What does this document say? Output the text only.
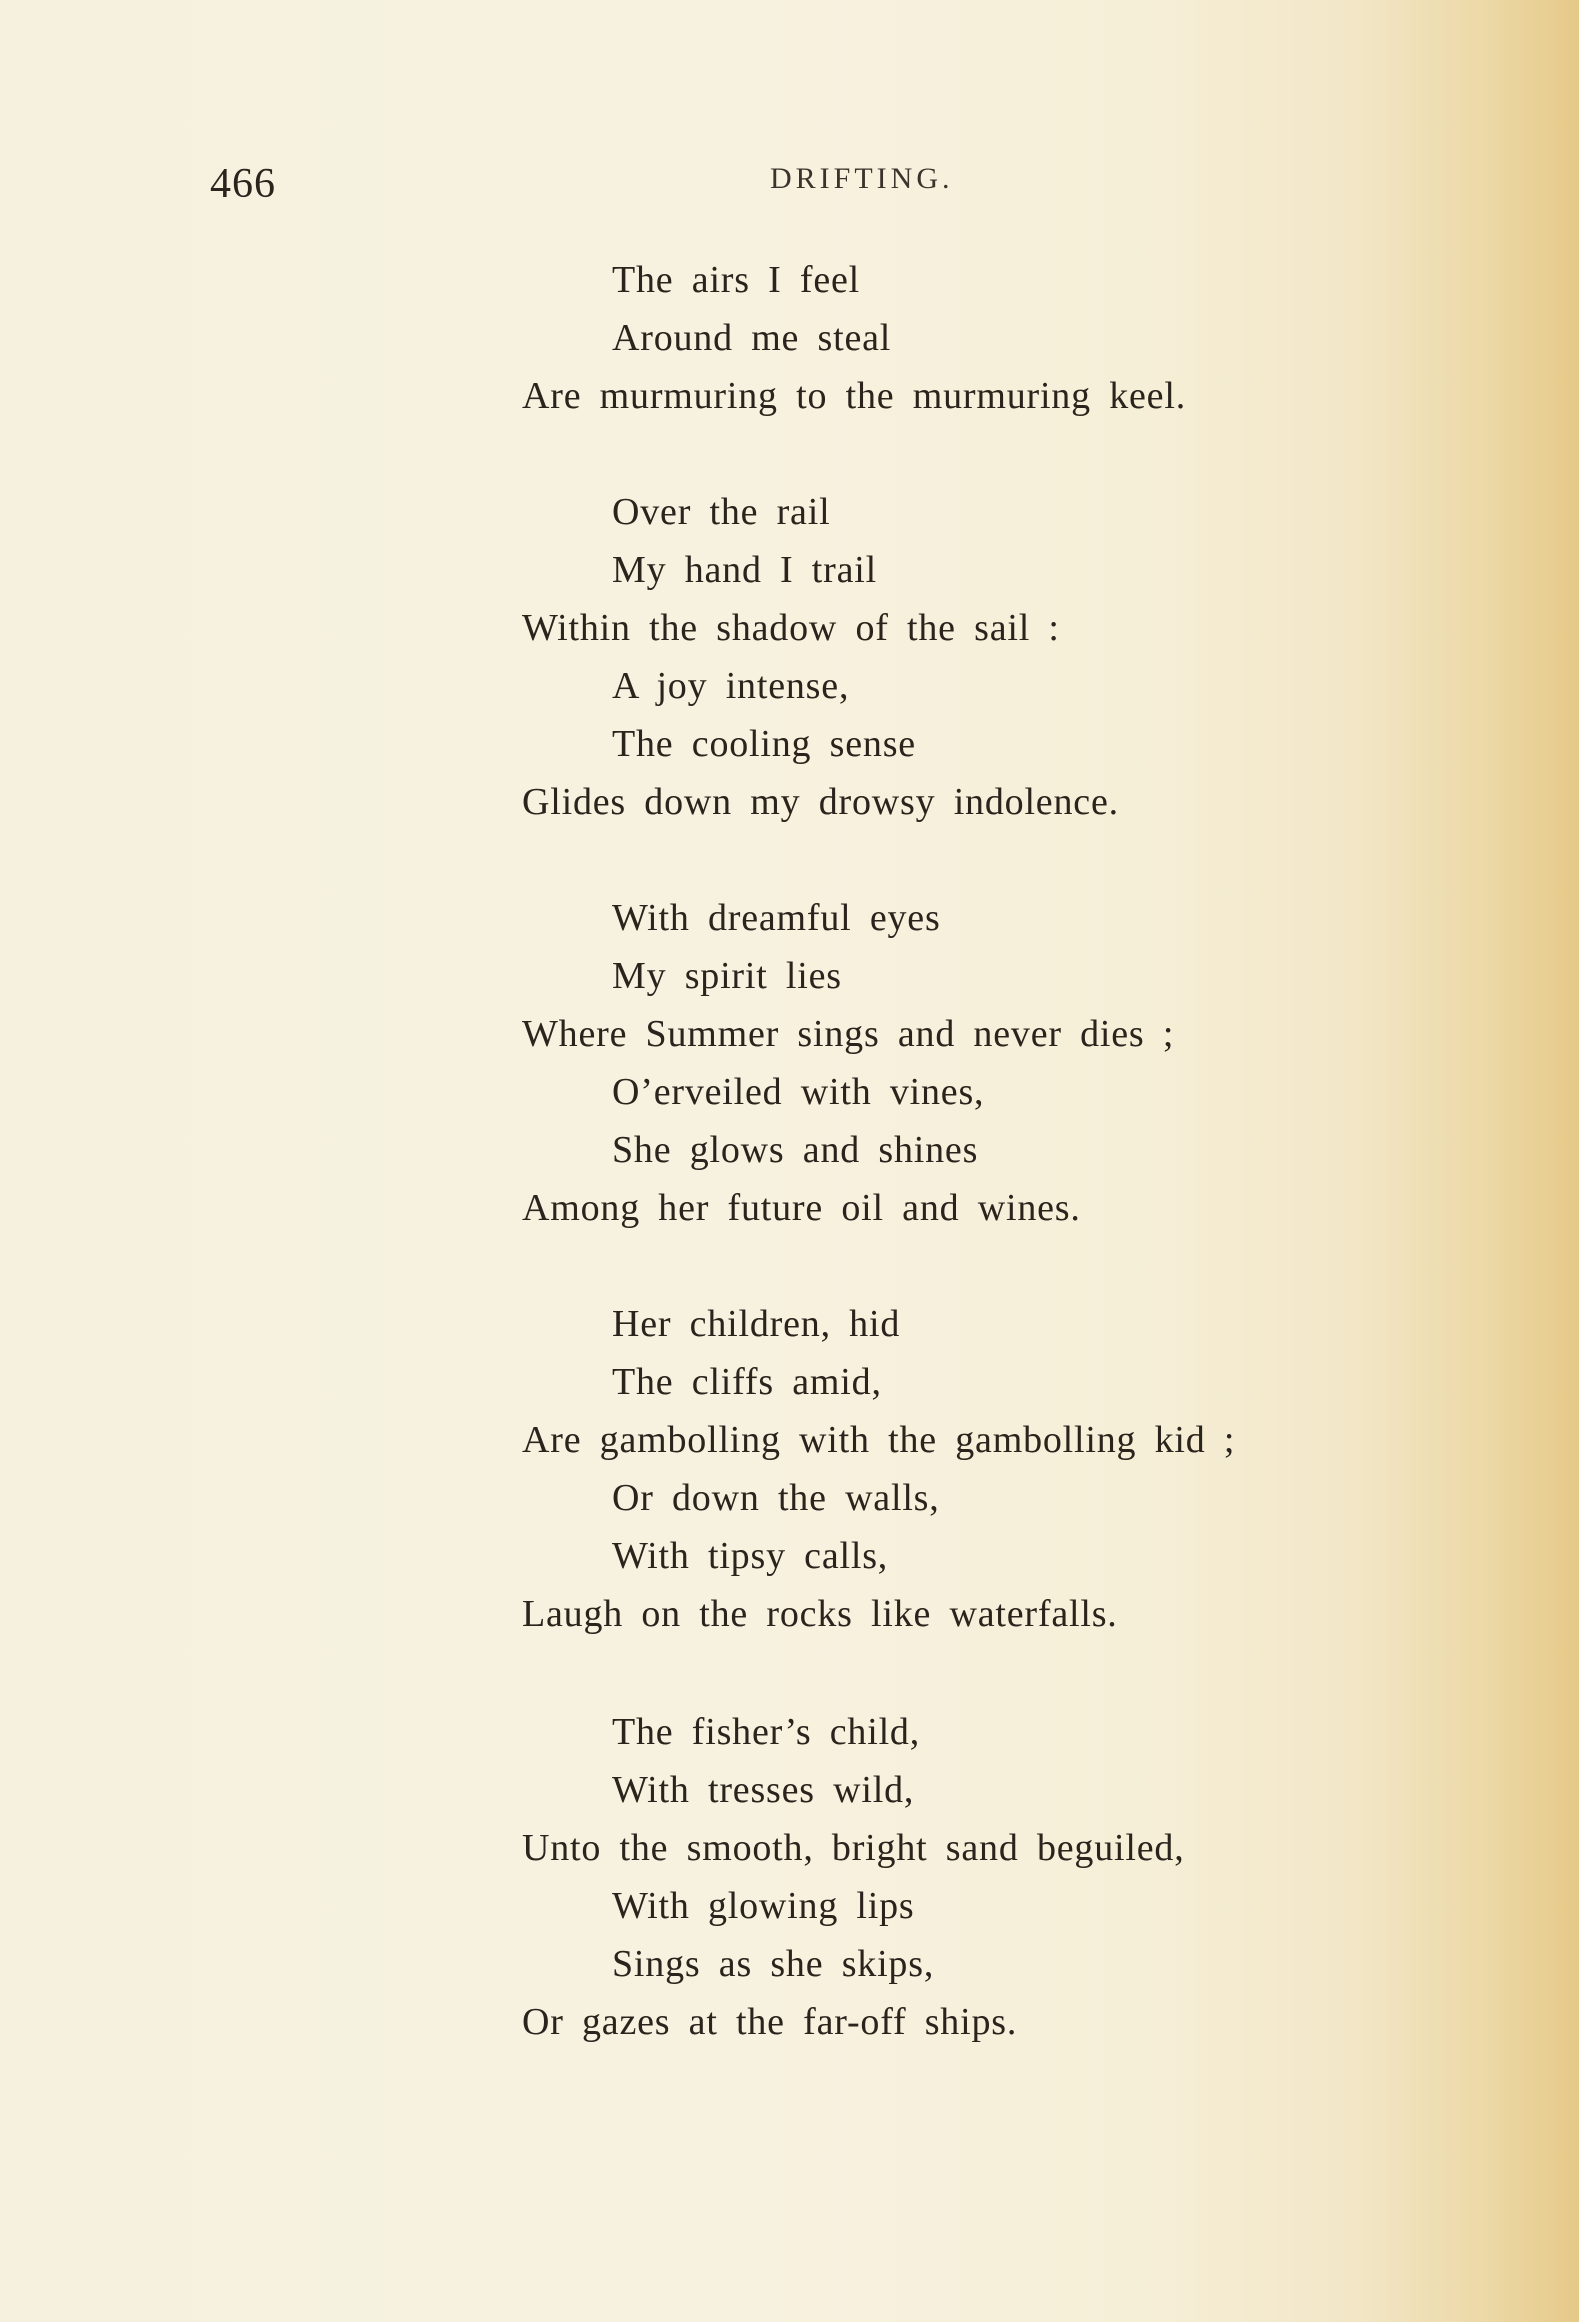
466	DRIFTING.
The airs I feel
Around me steal
Are murmuring to the murmuring keel.
Over the rail
My hand I trail
Within the shadow of the sail :
A joy intense,
The cooling sense
Glides down my drowsy indolence.
With dreamful eyes
My spirit lies
Where Summer sings and never dies ;
O’erveiled with vines,
She glows and shines
Among her future oil and wines.
Her children, hid
The cliffs amid,
Are gambolling with the gambolling kid ;
Or down the walls,
With tipsy calls,
Laugh on the rocks like waterfalls.
The fisher’s child,
With tresses wild,
Unto the smooth, bright sand beguiled,
With glowing lips
Sings as she skips,
Or gazes at the far-off ships.
